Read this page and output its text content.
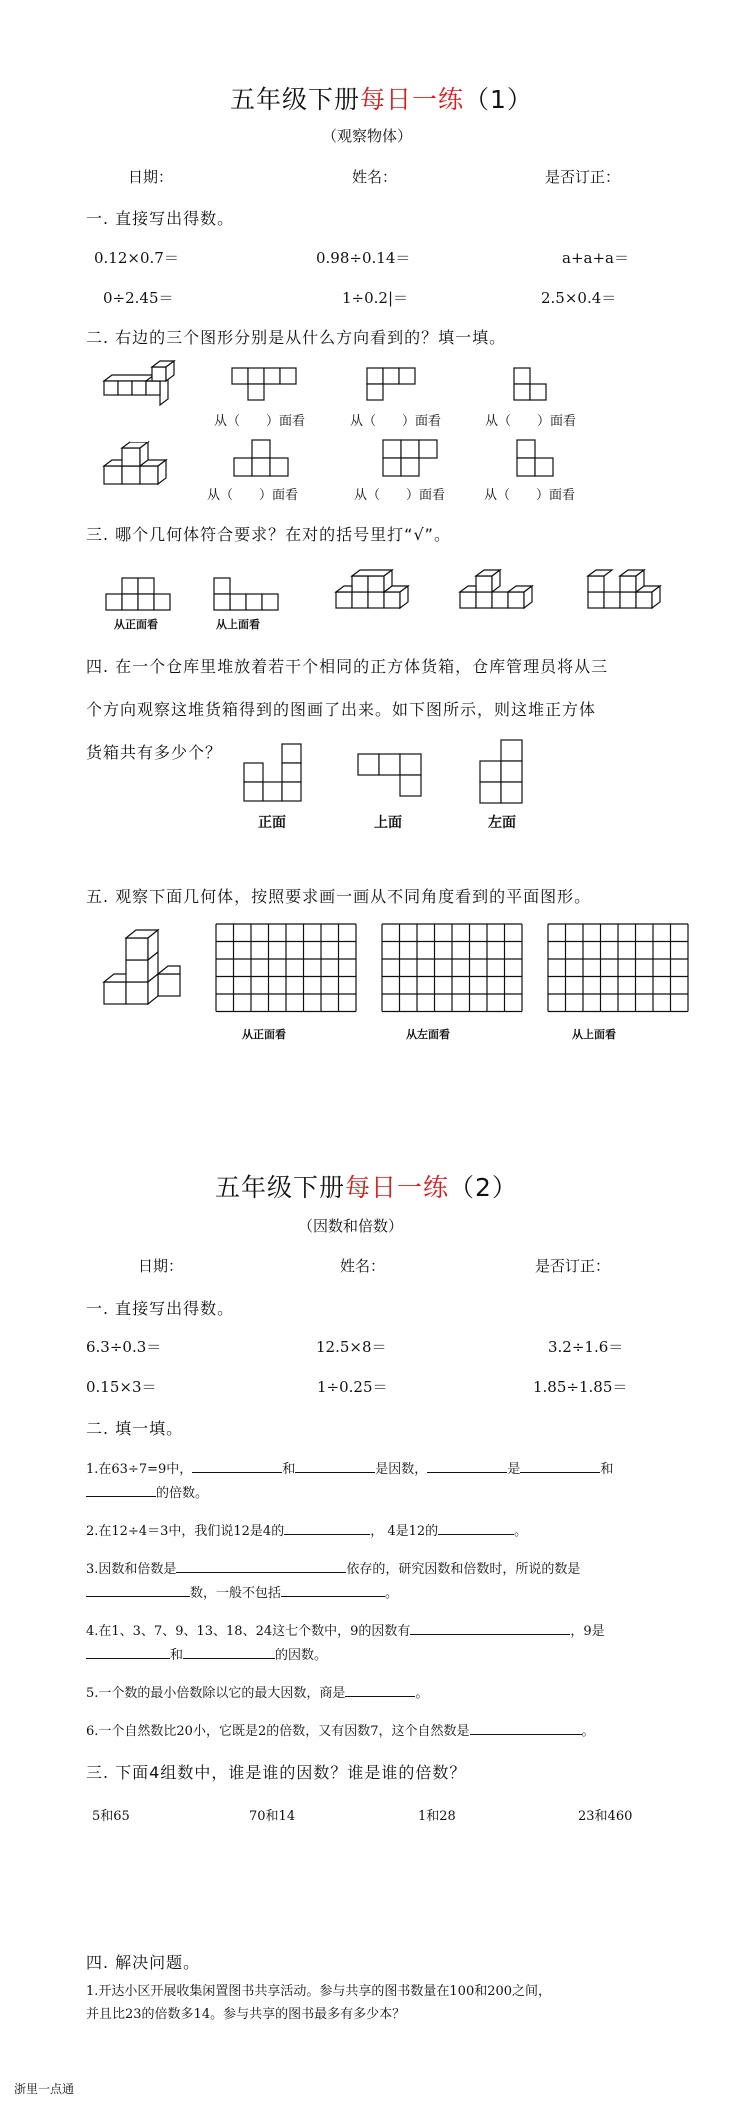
五年级下册每日一练（1）
（观察物体）
日期：	姓名：	是否订正：
一. 直接写出得数。
0.12×0.7＝	0.98÷0.14＝	a+a+a＝
0÷2.45＝	1÷0.2|＝	2.5×0.4＝
二. 右边的三个图形分别是从什么方向看到的？填一填。
从（　　）面看	从（　　）面看	从（　　）面看
从（　　）面看	从（　　）面看	从（　　）面看
三. 哪个几何体符合要求？在对的括号里打“√”。
从正面看	从上面看
四. 在一个仓库里堆放着若干个相同的正方体货箱，仓库管理员将从三
个方向观察这堆货箱得到的图画了出来。如下图所示，则这堆正方体
货箱共有多少个？
正面	上面	左面
五. 观察下面几何体，按照要求画一画从不同角度看到的平面图形。
从正面看	从左面看	从上面看
五年级下册每日一练（2）
（因数和倍数）
日期：	姓名：	是否订正：
一. 直接写出得数。
6.3÷0.3＝	12.5×8＝	3.2÷1.6＝
0.15×3＝	1÷0.25＝	1.85÷1.85＝
二. 填一填。
1.在63÷7=9中，	和	是因数，	是	和
的倍数。
2.在12÷4＝3中，我们说12是4的	， 4是12的	。
3.因数和倍数是	依存的，研究因数和倍数时，所说的数是
数，一般不包括	。
4.在1、3、7、9、13、18、24这七个数中，9的因数有	，9是
和	的因数。
5.一个数的最小倍数除以它的最大因数，商是	。
6.一个自然数比20小，它既是2的倍数，又有因数7，这个自然数是	。
三. 下面4组数中，谁是谁的因数？谁是谁的倍数？
5和65	70和14	1和28	23和460
四. 解决问题。
1.开达小区开展收集闲置图书共享活动。参与共享的图书数量在100和200之间，
并且比23的倍数多14。参与共享的图书最多有多少本？
浙里一点通
